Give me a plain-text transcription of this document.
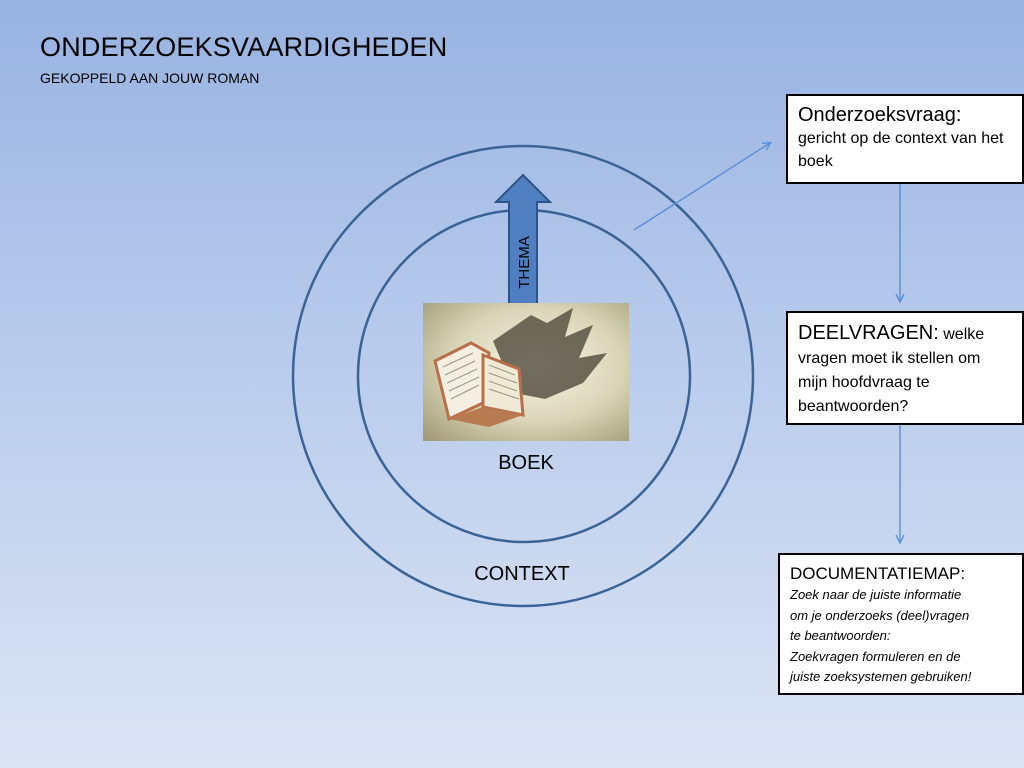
ONDERZOEKSVAARDIGHEDEN
GEKOPPELD AAN JOUW ROMAN
THEMA
BOEK
CONTEXT
Onderzoeksvraag:
gericht op de context van het boek

DEELVRAGEN: welke vragen moet ik stellen om mijn hoofdvraag te beantwoorden?

DOCUMENTATIEMAP:
Zoek naar de juiste informatie
om je onderzoeks (deel)vragen
te beantwoorden:
Zoekvragen formuleren en de
juiste zoeksystemen gebruiken!
